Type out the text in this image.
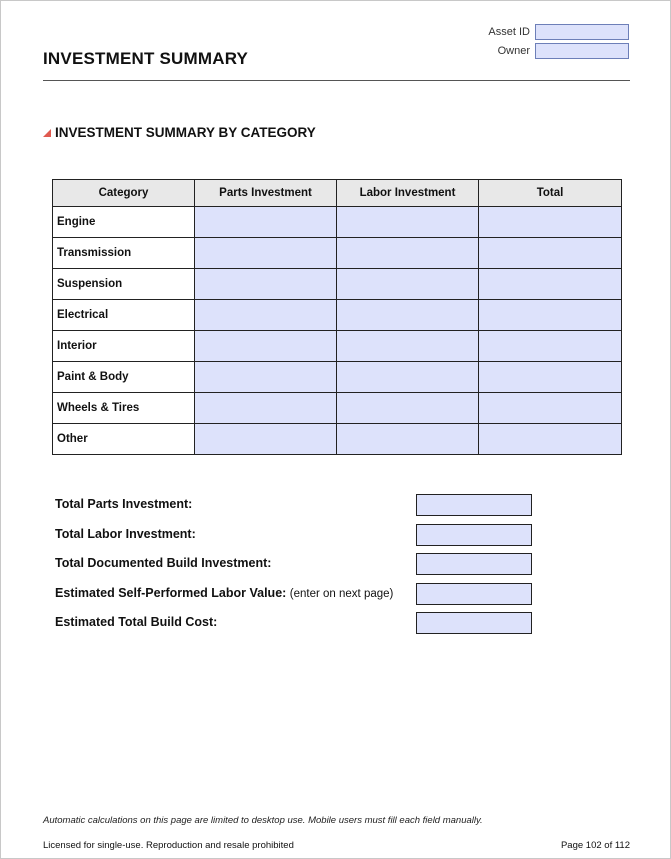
INVESTMENT SUMMARY
Asset ID
Owner
INVESTMENT SUMMARY BY CATEGORY
Category	Parts Investment	Labor Investment	Total
Engine			
Transmission			
Suspension			
Electrical			
Interior			
Paint & Body			
Wheels & Tires			
Other			
Total Parts Investment:
Total Labor Investment:
Total Documented Build Investment:
Estimated Self-Performed Labor Value: (enter on next page)
Estimated Total Build Cost:
Automatic calculations on this page are limited to desktop use. Mobile users must fill each field manually.
Licensed for single-use. Reproduction and resale prohibited	Page 102 of 112
